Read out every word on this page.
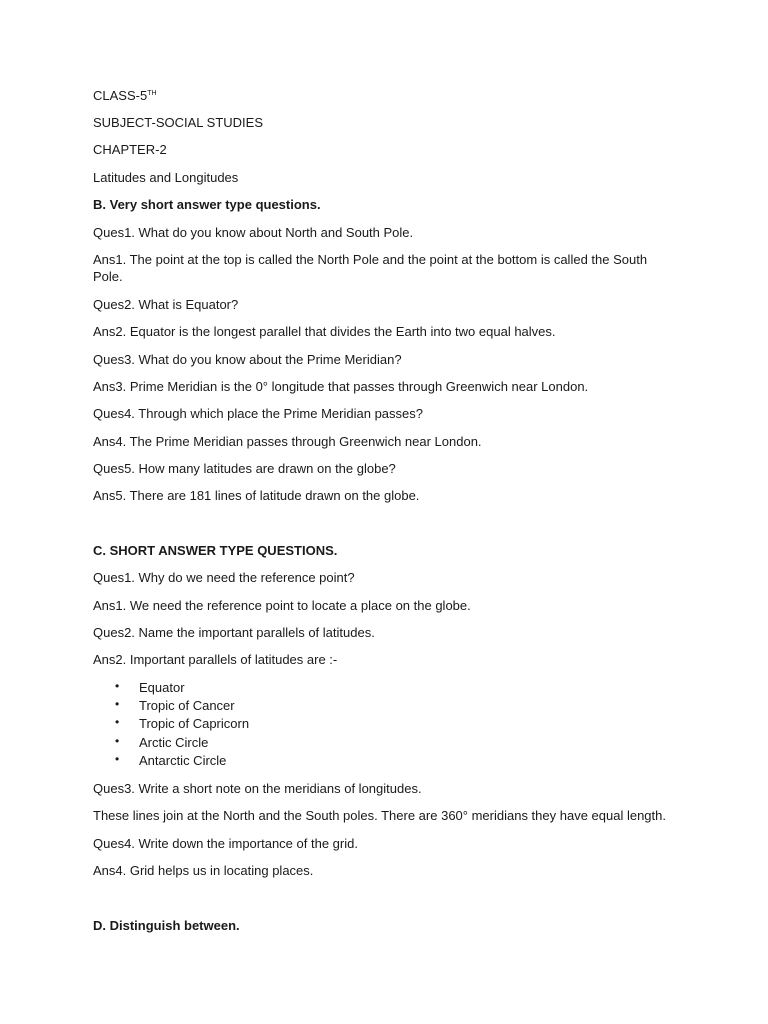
CLASS-5TH
SUBJECT-SOCIAL STUDIES
CHAPTER-2
Latitudes and Longitudes
B. Very short answer type questions.
Ques1. What do you know about North and South Pole.
Ans1. The point at the top is called the North Pole and the point at the bottom is called the South Pole.
Ques2. What is Equator?
Ans2. Equator is the longest parallel that divides the Earth into two equal halves.
Ques3. What do you know about the Prime Meridian?
Ans3. Prime Meridian is the 0° longitude that passes through Greenwich near London.
Ques4. Through which place the Prime Meridian passes?
Ans4. The Prime Meridian passes through Greenwich near London.
Ques5. How many latitudes are drawn on the globe?
Ans5. There are 181 lines of latitude drawn on the globe.
C. SHORT ANSWER TYPE QUESTIONS.
Ques1. Why do we need the reference point?
Ans1. We need the reference point to locate a place on the globe.
Ques2. Name the important parallels of latitudes.
Ans2. Important parallels of latitudes are :-
• Equator
• Tropic of Cancer
• Tropic of Capricorn
• Arctic Circle
• Antarctic Circle
Ques3. Write a short note on the meridians of longitudes.
These lines join at the North and the South poles. There are 360° meridians they have equal length.
Ques4. Write down the importance of the grid.
Ans4. Grid helps us in locating places.
D. Distinguish between.
